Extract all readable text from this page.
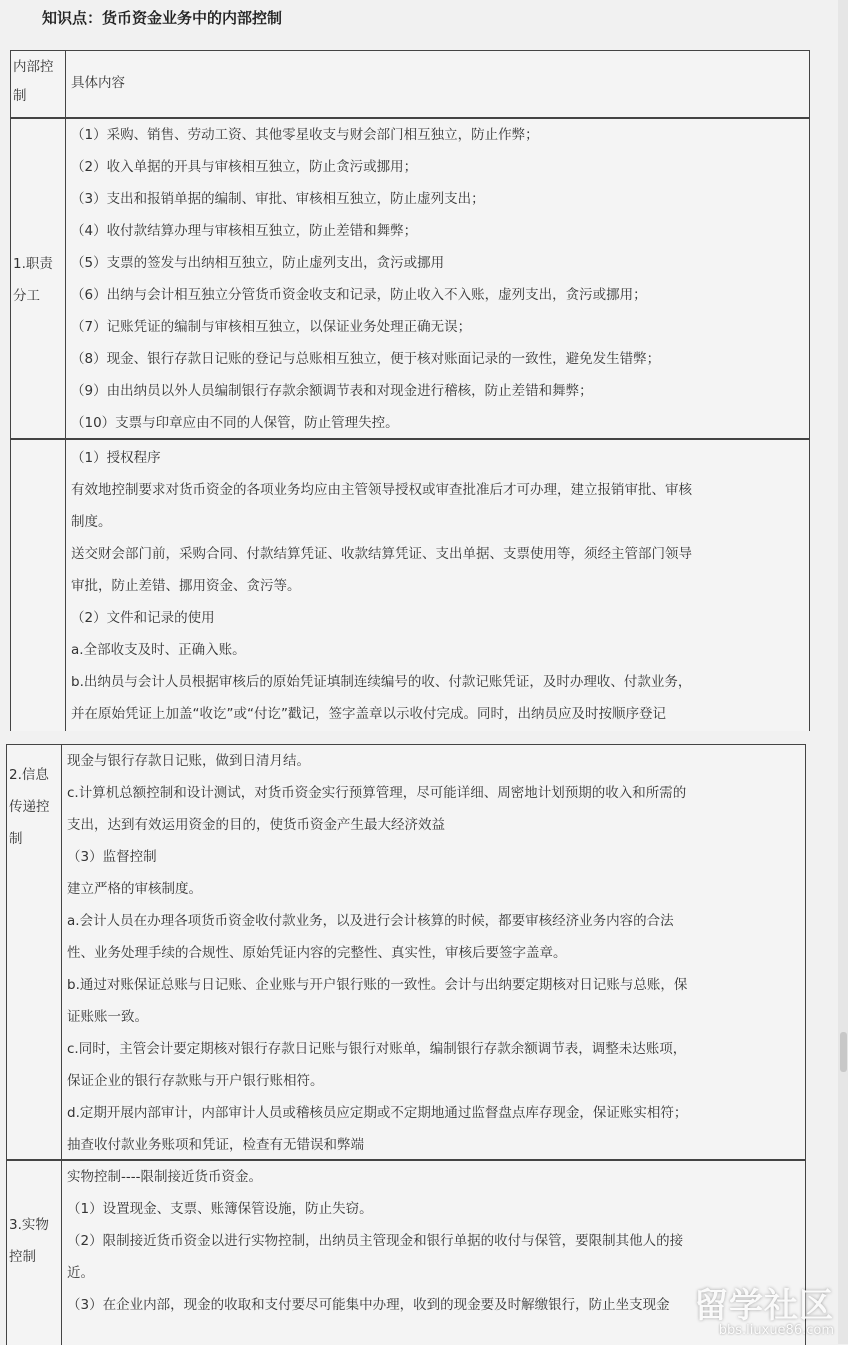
知识点：货币资金业务中的内部控制
内部控制

具体内容

1.职责分工

（1）采购、销售、劳动工资、其他零星收支与财会部门相互独立，防止作弊；

（2）收入单据的开具与审核相互独立，防止贪污或挪用；

（3）支出和报销单据的编制、审批、审核相互独立，防止虚列支出；

（4）收付款结算办理与审核相互独立，防止差错和舞弊；

（5）支票的签发与出纳相互独立，防止虚列支出，贪污或挪用

（6）出纳与会计相互独立分管货币资金收支和记录，防止收入不入账，虚列支出，贪污或挪用；

（7）记账凭证的编制与审核相互独立，以保证业务处理正确无误；

（8）现金、银行存款日记账的登记与总账相互独立，便于核对账面记录的一致性，避免发生错弊；

（9）由出纳员以外人员编制银行存款余额调节表和对现金进行稽核，防止差错和舞弊；

（10）支票与印章应由不同的人保管，防止管理失控。

（1）授权程序

有效地控制要求对货币资金的各项业务均应由主管领导授权或审查批准后才可办理，建立报销审批、审核

制度。

送交财会部门前，采购合同、付款结算凭证、收款结算凭证、支出单据、支票使用等，须经主管部门领导

审批，防止差错、挪用资金、贪污等。

（2）文件和记录的使用

a.全部收支及时、正确入账。

b.出纳员与会计人员根据审核后的原始凭证填制连续编号的收、付款记账凭证，及时办理收、付款业务，

并在原始凭证上加盖“收讫”或“付讫”戳记，签字盖章以示收付完成。同时，出纳员应及时按顺序登记

2.信息传递控制

现金与银行存款日记账，做到日清月结。

c.计算机总额控制和设计测试，对货币资金实行预算管理，尽可能详细、周密地计划预期的收入和所需的

支出，达到有效运用资金的目的，使货币资金产生最大经济效益

（3）监督控制

建立严格的审核制度。

a.会计人员在办理各项货币资金收付款业务，以及进行会计核算的时候，都要审核经济业务内容的合法

性、业务处理手续的合规性、原始凭证内容的完整性、真实性，审核后要签字盖章。

b.通过对账保证总账与日记账、企业账与开户银行账的一致性。会计与出纳要定期核对日记账与总账，保

证账账一致。

c.同时，主管会计要定期核对银行存款日记账与银行对账单，编制银行存款余额调节表，调整未达账项，

保证企业的银行存款账与开户银行账相符。

d.定期开展内部审计，内部审计人员或稽核员应定期或不定期地通过监督盘点库存现金，保证账实相符；

抽查收付款业务账项和凭证，检查有无错误和弊端

3.实物控制

实物控制----限制接近货币资金。

（1）设置现金、支票、账簿保管设施，防止失窃。

（2）限制接近货币资金以进行实物控制，出纳员主管现金和银行单据的收付与保管，要限制其他人的接

近。

（3）在企业内部，现金的收取和支付要尽可能集中办理，收到的现金要及时解缴银行，防止坐支现金 留学社区
bbs.liuxue86.com
